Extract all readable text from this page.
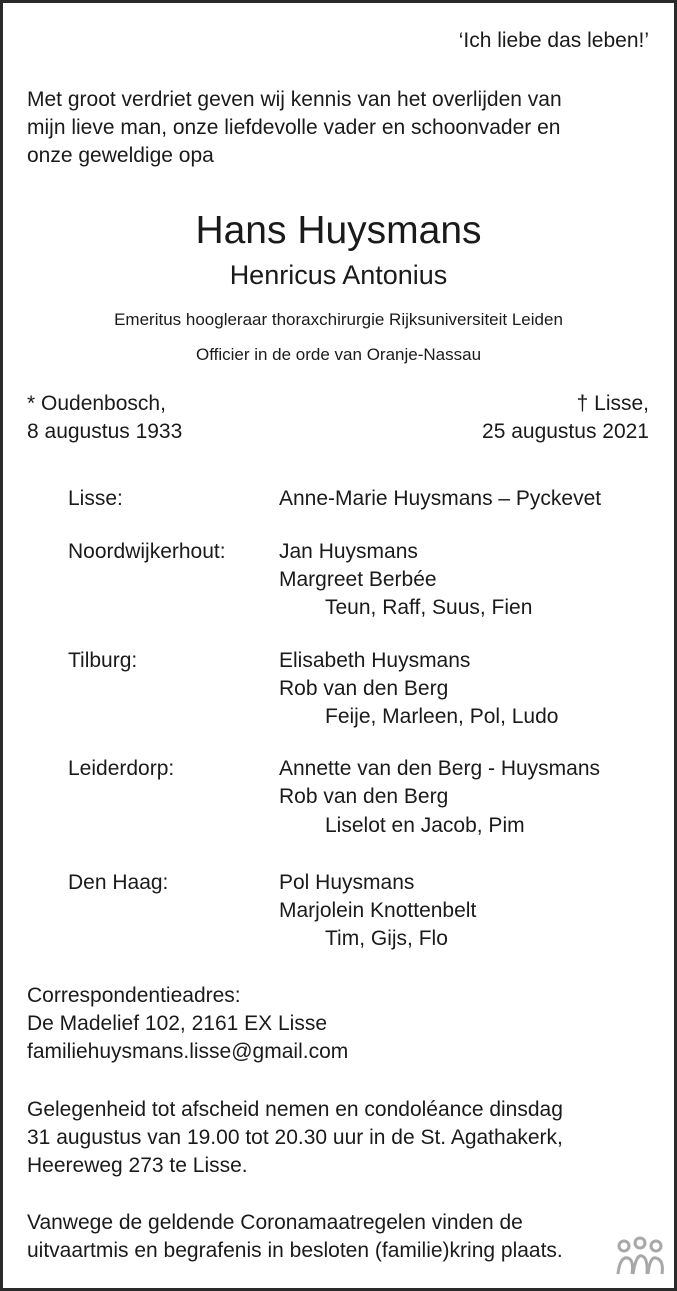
‘Ich liebe das leben!’
Met groot verdriet geven wij kennis van het overlijden van
mijn lieve man, onze liefdevolle vader en schoonvader en
onze geweldige opa
Hans Huysmans
Henricus Antonius
Emeritus hoogleraar thoraxchirurgie Rijksuniversiteit Leiden
Officier in de orde van Oranje-Nassau
* Oudenbosch,
8 augustus 1933
† Lisse,
25 augustus 2021
Lisse:	Anne-Marie Huysmans – Pyckevet
Noordwijkerhout:	Jan Huysmans
Margreet Berbée
Teun, Raff, Suus, Fien
Tilburg:	Elisabeth Huysmans
Rob van den Berg
Feije, Marleen, Pol, Ludo
Leiderdorp:	Annette van den Berg - Huysmans
Rob van den Berg
Liselot en Jacob, Pim
Den Haag:	Pol Huysmans
Marjolein Knottenbelt
Tim, Gijs, Flo
Correspondentieadres:
De Madelief 102, 2161 EX Lisse
familiehuysmans.lisse@gmail.com
Gelegenheid tot afscheid nemen en condoléance dinsdag
31 augustus van 19.00 tot 20.30 uur in de St. Agathakerk,
Heereweg 273 te Lisse.
Vanwege de geldende Coronamaatregelen vinden de
uitvaartmis en begrafenis in besloten (familie)kring plaats.
